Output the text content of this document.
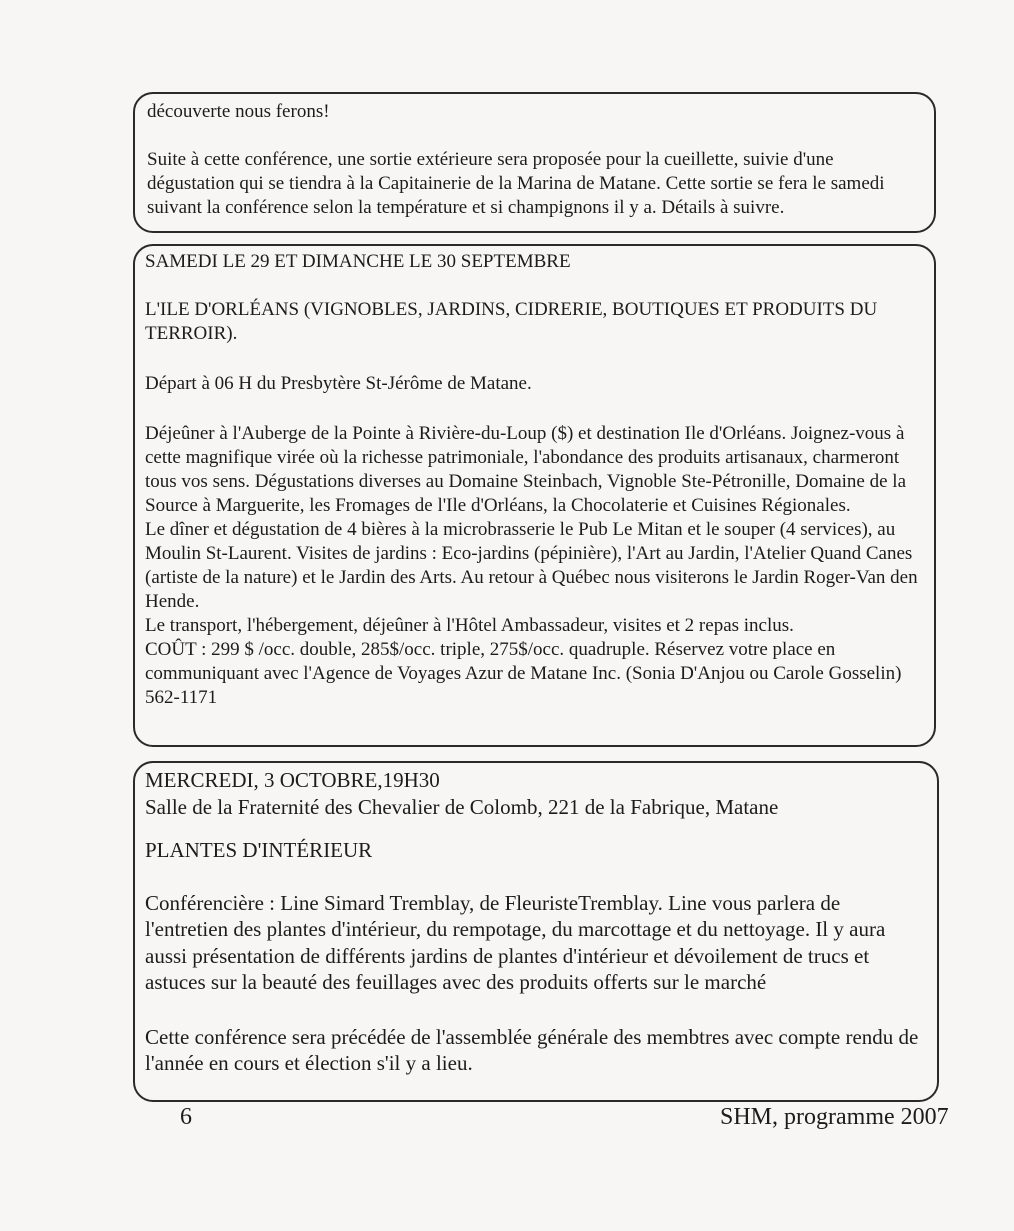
découverte nous ferons!

Suite à cette conférence, une sortie extérieure sera proposée pour la cueillette, suivie d'une dégustation qui se tiendra à la Capitainerie de la Marina de Matane. Cette sortie se fera le samedi suivant la conférence selon la température et si champignons il y a. Détails à suivre.

SAMEDI LE 29 ET DIMANCHE LE 30 SEPTEMBRE

L'ILE D'ORLÉANS (VIGNOBLES, JARDINS, CIDRERIE, BOUTIQUES ET PRODUITS DU TERROIR).

Départ à 06 H du Presbytère St-Jérôme de Matane.

Déjeûner à l'Auberge de la Pointe à Rivière-du-Loup ($) et destination Ile d'Orléans. Joignez-vous à cette magnifique virée où la richesse patrimoniale, l'abondance des produits artisanaux, charmeront tous vos sens. Dégustations diverses au Domaine Steinbach, Vignoble Ste-Pétronille, Domaine de la Source à Marguerite, les Fromages de l'Ile d'Orléans, la Chocolaterie et Cuisines Régionales.

Le dîner et dégustation de 4 bières à la microbrasserie le Pub Le Mitan et le souper (4 services), au Moulin St-Laurent. Visites de jardins : Eco-jardins (pépinière), l'Art au Jardin, l'Atelier Quand Canes (artiste de la nature) et le Jardin des Arts. Au retour à Québec nous visiterons le Jardin Roger-Van den Hende.

Le transport, l'hébergement, déjeûner à l'Hôtel Ambassadeur, visites et 2 repas inclus.

COÛT : 299 $ /occ. double, 285$/occ. triple, 275$/occ. quadruple. Réservez votre place en communiquant avec l'Agence de Voyages Azur de Matane Inc. (Sonia D'Anjou ou Carole Gosselin) 562-1171

MERCREDI, 3 OCTOBRE,19H30

Salle de la Fraternité des Chevalier de Colomb, 221 de la Fabrique, Matane

PLANTES D'INTÉRIEUR

Conférencière : Line Simard Tremblay, de FleuristeTremblay. Line vous parlera de l'entretien des plantes d'intérieur, du rempotage, du marcottage et du nettoyage. Il y aura aussi présentation de différents jardins de plantes d'intérieur et dévoilement de trucs et astuces sur la beauté des feuillages avec des produits offerts sur le marché

Cette conférence sera précédée de l'assemblée générale des membtres avec compte rendu de l'année en cours et élection s'il y a lieu.

6	SHM, programme 2007
